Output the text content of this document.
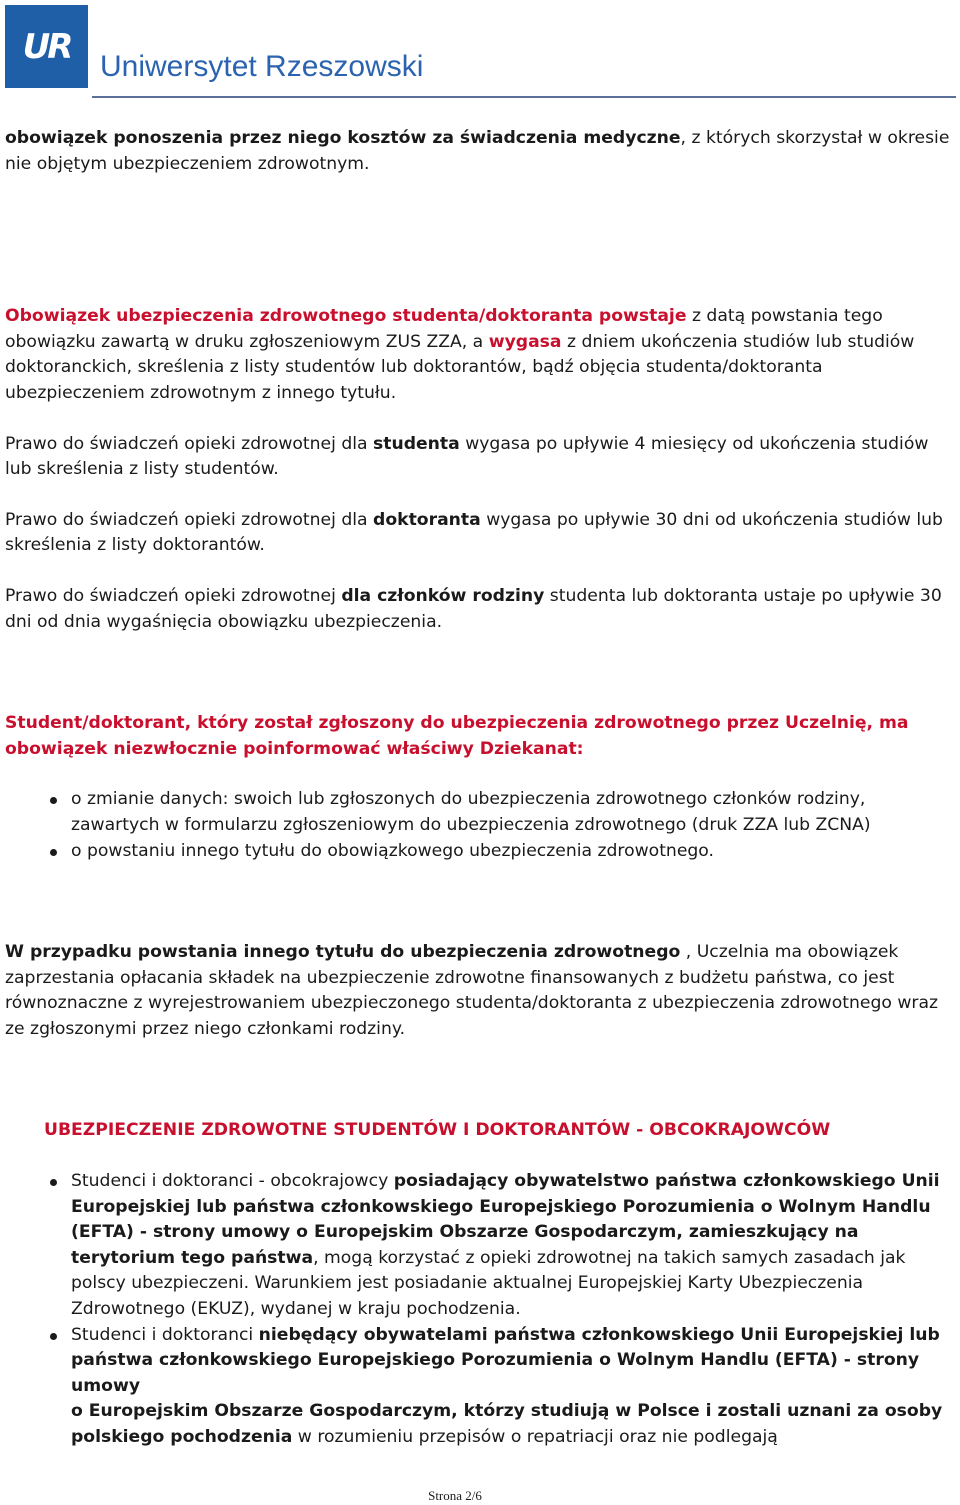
UR Uniwersytet Rzeszowski

obowiązek ponoszenia przez niego kosztów za świadczenia medyczne, z których skorzystał w okresie nie objętym ubezpieczeniem zdrowotnym.

Obowiązek ubezpieczenia zdrowotnego studenta/doktoranta powstaje z datą powstania tego obowiązku zawartą w druku zgłoszeniowym ZUS ZZA, a wygasa z dniem ukończenia studiów lub studiów doktoranckich, skreślenia z listy studentów lub doktorantów, bądź objęcia studenta/doktoranta ubezpieczeniem zdrowotnym z innego tytułu.

Prawo do świadczeń opieki zdrowotnej dla studenta wygasa po upływie 4 miesięcy od ukończenia studiów lub skreślenia z listy studentów.

Prawo do świadczeń opieki zdrowotnej dla doktoranta wygasa po upływie 30 dni od ukończenia studiów lub skreślenia z listy doktorantów.

Prawo do świadczeń opieki zdrowotnej dla członków rodziny studenta lub doktoranta ustaje po upływie 30 dni od dnia wygaśnięcia obowiązku ubezpieczenia.

Student/doktorant, który został zgłoszony do ubezpieczenia zdrowotnego przez Uczelnię, ma obowiązek niezwłocznie poinformować właściwy Dziekanat:

o zmianie danych: swoich lub zgłoszonych do ubezpieczenia zdrowotnego członków rodziny, zawartych w formularzu zgłoszeniowym do ubezpieczenia zdrowotnego (druk ZZA lub ZCNA)
o powstaniu innego tytułu do obowiązkowego ubezpieczenia zdrowotnego.

W przypadku powstania innego tytułu do ubezpieczenia zdrowotnego , Uczelnia ma obowiązek zaprzestania opłacania składek na ubezpieczenie zdrowotne finansowanych z budżetu państwa, co jest równoznaczne z wyrejestrowaniem ubezpieczonego studenta/doktoranta z ubezpieczenia zdrowotnego wraz ze zgłoszonymi przez niego członkami rodziny.

UBEZPIECZENIE ZDROWOTNE STUDENTÓW I DOKTORANTÓW - OBCOKRAJOWCÓW

Studenci i doktoranci - obcokrajowcy posiadający obywatelstwo państwa członkowskiego Unii Europejskiej lub państwa członkowskiego Europejskiego Porozumienia o Wolnym Handlu (EFTA) - strony umowy o Europejskim Obszarze Gospodarczym, zamieszkujący na terytorium tego państwa, mogą korzystać z opieki zdrowotnej na takich samych zasadach jak polscy ubezpieczeni. Warunkiem jest posiadanie aktualnej Europejskiej Karty Ubezpieczenia Zdrowotnego (EKUZ), wydanej w kraju pochodzenia.
Studenci i doktoranci niebędący obywatelami państwa członkowskiego Unii Europejskiej lub państwa członkowskiego Europejskiego Porozumienia o Wolnym Handlu (EFTA) - strony umowy
o Europejskim Obszarze Gospodarczym, którzy studiują w Polsce i zostali uznani za osoby polskiego pochodzenia w rozumieniu przepisów o repatriacji oraz nie podlegają
Strona 2/6
